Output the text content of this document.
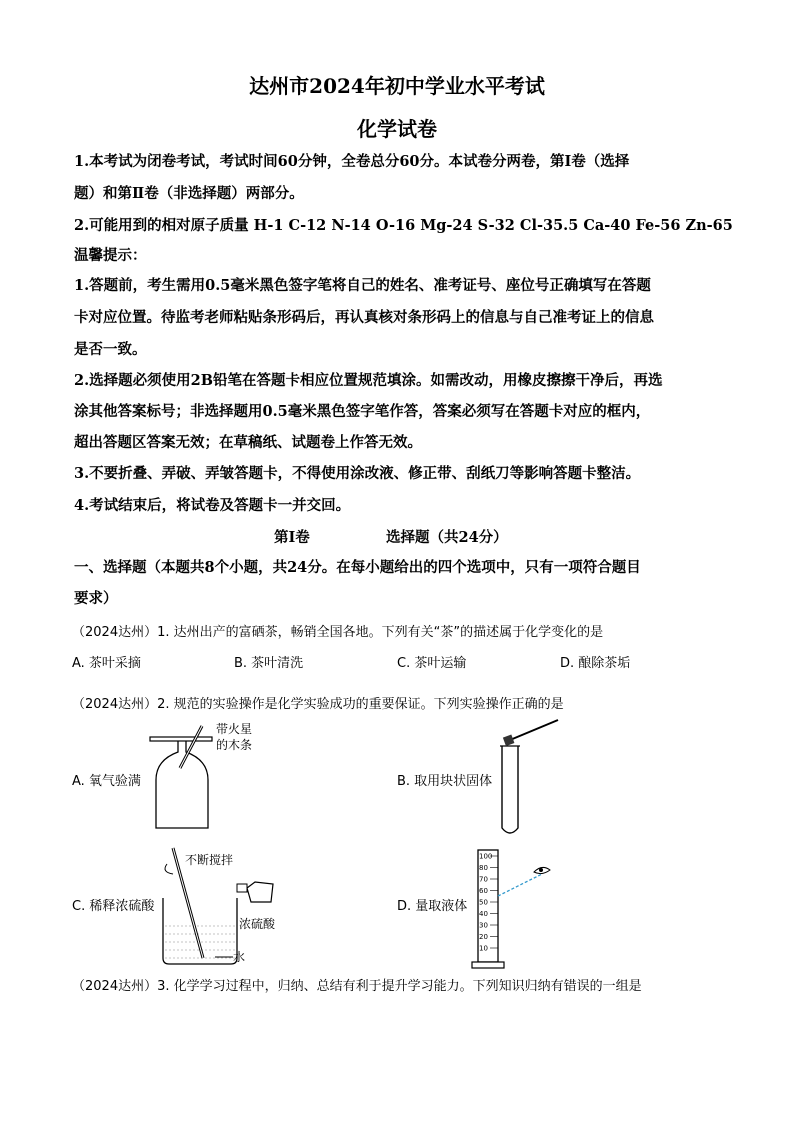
达州市2024年初中学业水平考试
化学试卷
1.本考试为闭卷考试，考试时间60分钟，全卷总分60分。本试卷分两卷，第Ⅰ卷（选择
题）和第Ⅱ卷（非选择题）两部分。
2.可能用到的相对原子质量 H-1 C-12 N-14 O-16 Mg-24 S-32 Cl-35.5 Ca-40 Fe-56 Zn-65
温馨提示：
1.答题前，考生需用0.5毫米黑色签字笔将自己的姓名、准考证号、座位号正确填写在答题
卡对应位置。待监考老师粘贴条形码后，再认真核对条形码上的信息与自己准考证上的信息
是否一致。
2.选择题必须使用2B铅笔在答题卡相应位置规范填涂。如需改动，用橡皮擦擦干净后，再选
涂其他答案标号；非选择题用0.5毫米黑色签字笔作答，答案必须写在答题卡对应的框内，
超出答题区答案无效；在草稿纸、试题卷上作答无效。
3.不要折叠、弄破、弄皱答题卡，不得使用涂改液、修正带、刮纸刀等影响答题卡整洁。
4.考试结束后，将试卷及答题卡一并交回。
第Ⅰ卷	选择题（共24分）
一、选择题（本题共8个小题，共24分。在每小题给出的四个选项中，只有一项符合题目
要求）
（2024达州）1. 达州出产的富硒茶，畅销全国各地。下列有关“茶”的描述属于化学变化的是
A. 茶叶采摘	B. 茶叶清洗	C. 茶叶运输	D. 酿除茶垢
（2024达州）2. 规范的实验操作是化学实验成功的重要保证。下列实验操作正确的是
A. 氧气验满	B. 取用块状固体
C. 稀释浓硫酸	D. 量取液体
带火星
的木条
不断搅拌
浓硫酸
水
100
80
70
60
50
40
30
20
10
（2024达州）3. 化学学习过程中，归纳、总结有利于提升学习能力。下列知识归纳有错误的一组是
